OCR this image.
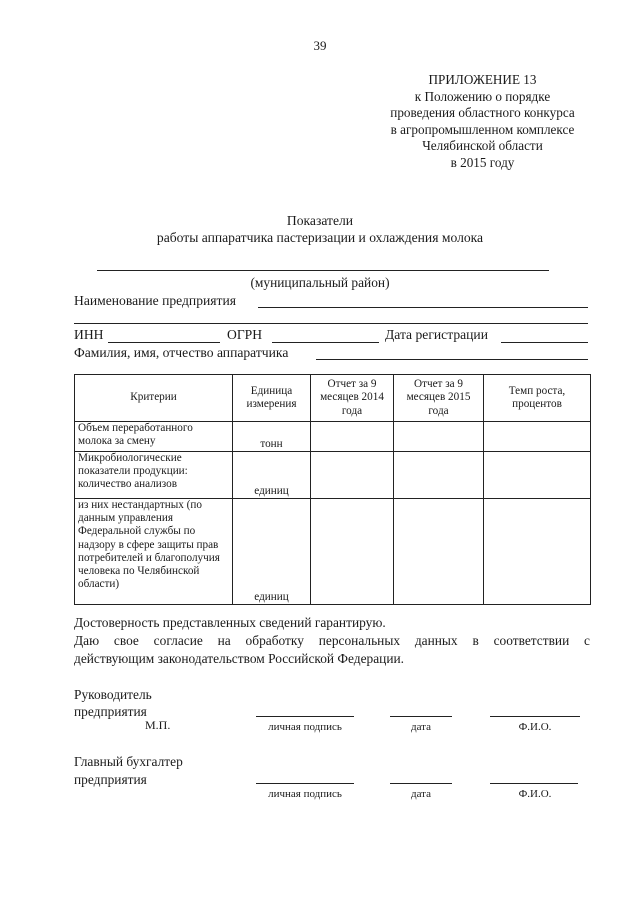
39
ПРИЛОЖЕНИЕ 13
к Положению о порядке
проведения областного конкурса
в агропромышленном комплексе
Челябинской области
в 2015 году
Показатели
работы аппаратчика пастеризации и охлаждения молока
(муниципальный район)
Наименование предприятия
ИНН	ОГРН	Дата регистрации
Фамилия, имя, отчество аппаратчика
Критерии	Единица измерения	Отчет за 9 месяцев 2014 года	Отчет за 9 месяцев 2015 года	Темп роста, процентов
Объем переработанного молока за смену	тонн			
Микробиологические показатели продукции: количество анализов	единиц			
из них нестандартных (по данным управления Федеральной службы по надзору в сфере защиты прав потребителей и благополучия человека по Челябинской области)	единиц			
Достоверность представленных сведений гарантирую.
Даю свое согласие на обработку персональных данных в соответствии с
действующим законодательством Российской Федерации.
Руководитель
предприятия
М.П.	личная подпись	дата	Ф.И.О.
Главный бухгалтер
предприятия
личная подпись	дата	Ф.И.О.
